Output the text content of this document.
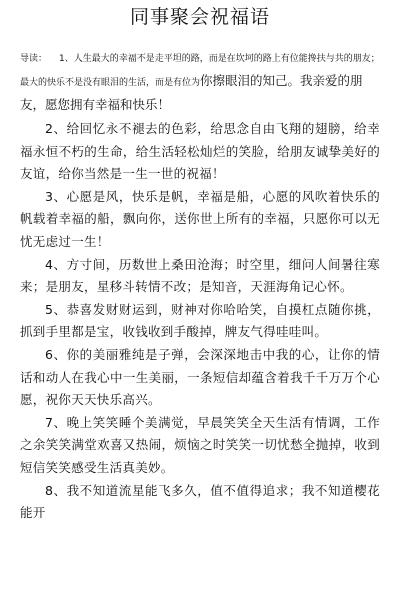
同事聚会祝福语
导读： 1、人生最大的幸福不是走平坦的路，而是在坎坷的路上有位能搀扶与共的朋友；最大的快乐不是没有眼泪的生活，而是有位为你擦眼泪的知己。我亲爱的朋友，愿您拥有幸福和快乐！

2、给回忆永不褪去的色彩，给思念自由飞翔的翅膀，给幸福永恒不朽的生命，给生活轻松灿烂的笑脸，给朋友诚挚美好的友谊，给你当然是一生一世的祝福！

3、心愿是风，快乐是帆，幸福是船，心愿的风吹着快乐的帆载着幸福的船，飘向你，送你世上所有的幸福，只愿你可以无忧无虑过一生！

4、方寸间，历数世上桑田沧海；时空里，细问人间暑往寒来；是朋友，星移斗转情不改；是知音，天涯海角记心怀。

5、恭喜发财财运到，财神对你哈哈笑，自摸杠点随你挑，抓到手里都是宝，收钱收到手酸掉，牌友气得哇哇叫。

6、你的美丽雅纯是子弹，会深深地击中我的心，让你的情话和动人在我心中一生美丽，一条短信却蕴含着我千千万万个心愿，祝你天天快乐高兴。

7、晚上笑笑睡个美满觉，早晨笑笑全天生活有情调，工作之余笑笑满堂欢喜又热闹，烦恼之时笑笑一切忧愁全抛掉，收到短信笑笑感受生活真美妙。

8、我不知道流星能飞多久，值不值得追求；我不知道樱花能开
